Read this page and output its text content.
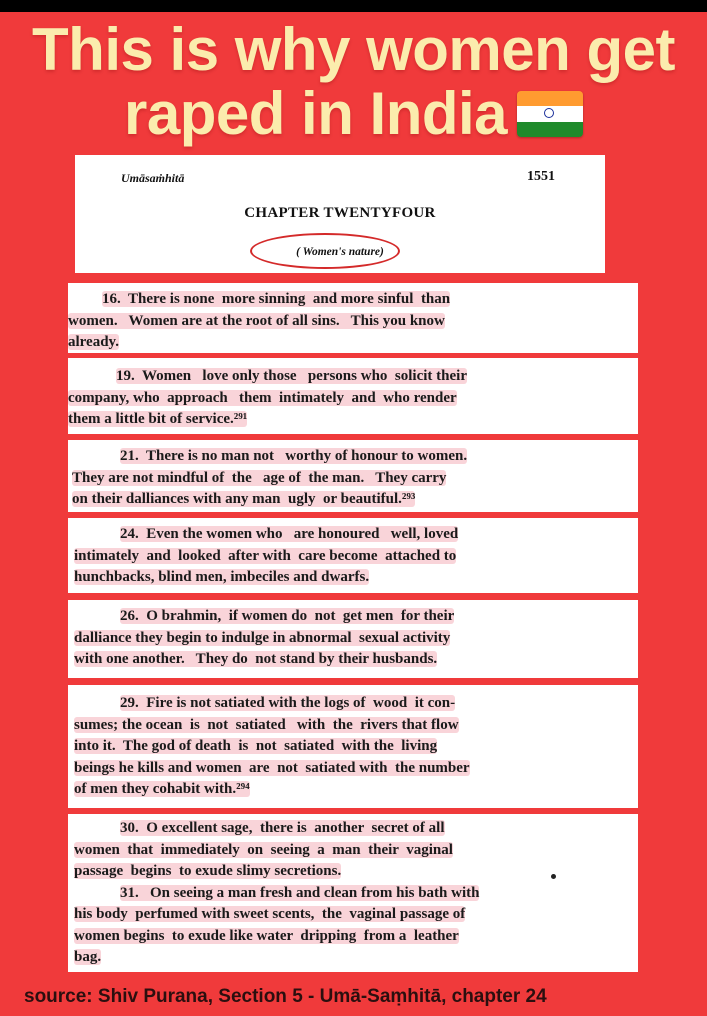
This is why women get
raped in India
Umāsaṁhitā	1551
CHAPTER TWENTYFOUR
( Women's nature)
16.  There is none  more sinning  and more sinful  than
women.   Women are at the root of all sins.   This you know
already.
19.  Women   love only those   persons who  solicit their
company, who  approach   them  intimately  and  who render
them a little bit of service.²⁹¹
21.  There is no man not   worthy of honour to women.
They are not mindful of  the   age of  the man.   They carry
on their dalliances with any man  ugly  or beautiful.²⁹³
24.  Even the women who   are honoured   well, loved
intimately  and  looked  after with  care become  attached to
hunchbacks, blind men, imbeciles and dwarfs.
26.  O brahmin,  if women do  not  get men  for their
dalliance they begin to indulge in abnormal  sexual activity
with one another.   They do  not stand by their husbands.
29.  Fire is not satiated with the logs of  wood  it con-
sumes; the ocean  is  not  satiated   with  the  rivers that flow
into it.  The god of death  is  not  satiated  with the  living
beings he kills and women  are  not  satiated with  the number
of men they cohabit with.²⁹⁴
30.  O excellent sage,  there is  another  secret of all
women  that  immediately  on  seeing  a  man  their  vaginal
passage  begins  to exude slimy secretions.
31.   On seeing a man fresh and clean from his bath with
his body  perfumed with sweet scents,  the  vaginal passage of
women begins  to exude like water  dripping  from a  leather
bag.
source: Shiv Purana, Section 5 - Umā-Saṃhitā, chapter 24
